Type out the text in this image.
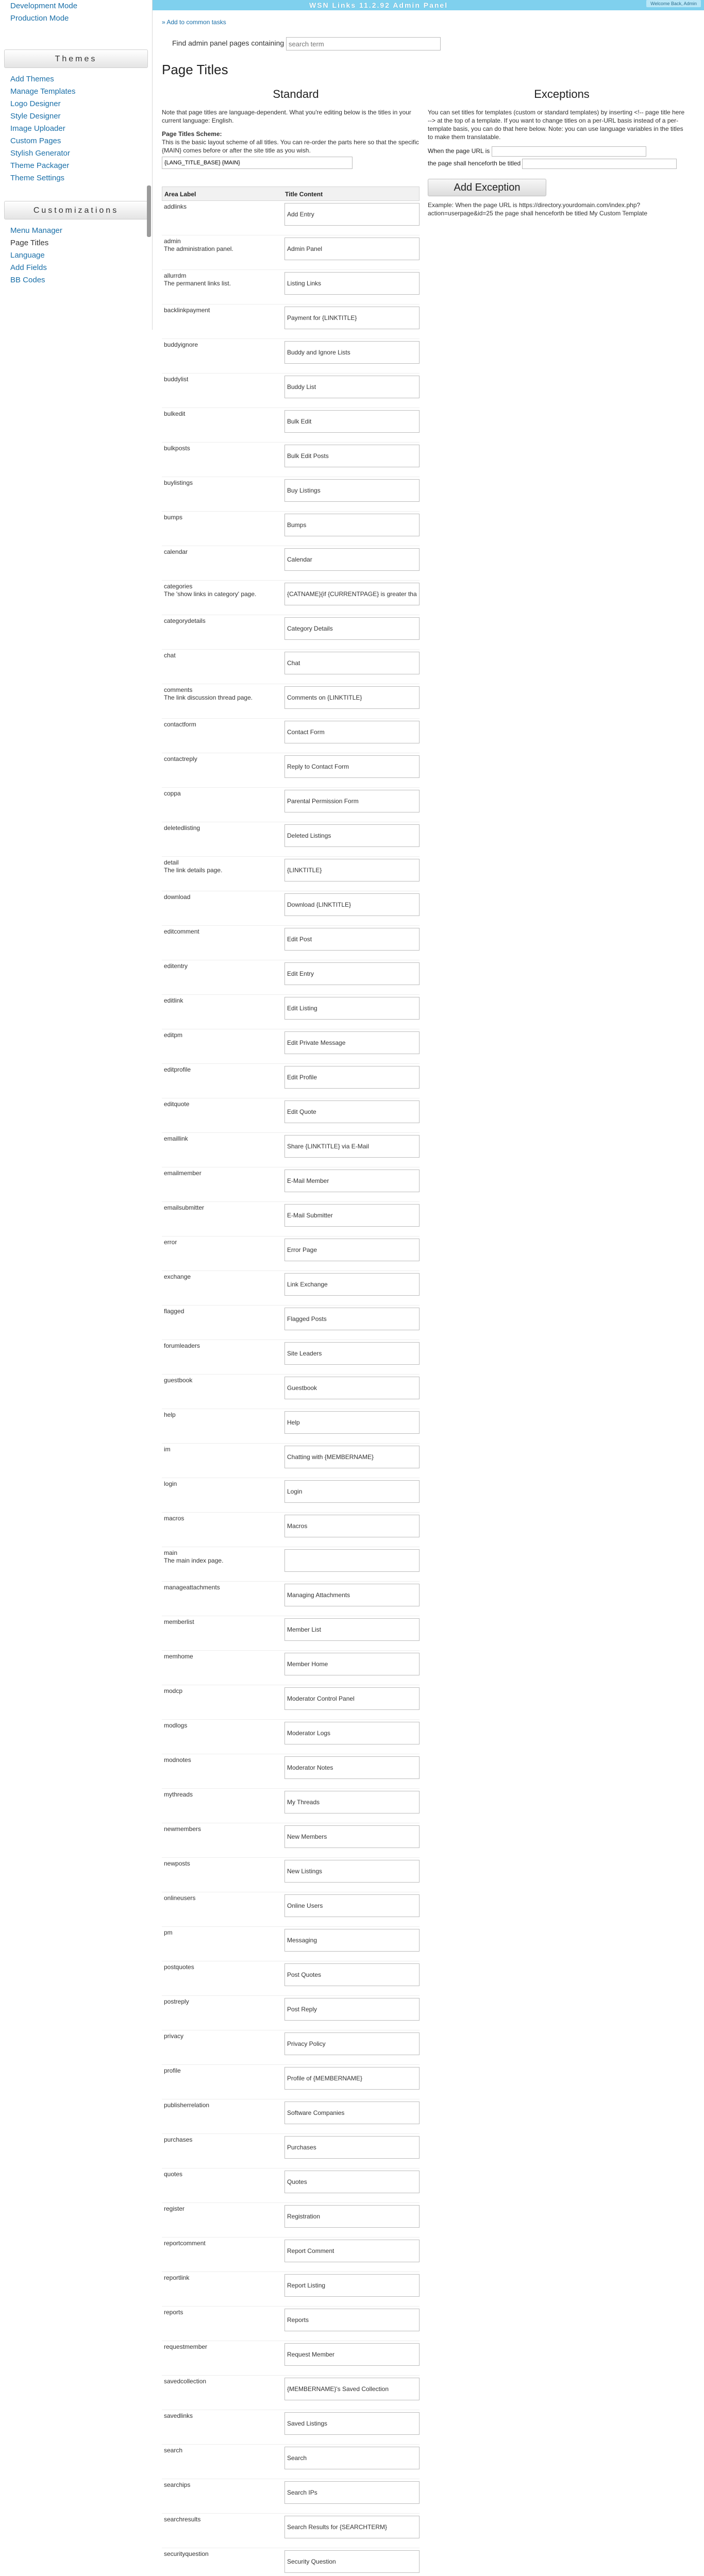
WSN Links 11.2.92 Admin Panel	Welcome Back, Admin
Development Mode
Production Mode
Themes
Add Themes
Manage Templates
Logo Designer
Style Designer
Image Uploader
Custom Pages
Stylish Generator
Theme Packager
Theme Settings
Customizations
Menu Manager
Page Titles
Language
Add Fields
BB Codes
» Add to common tasks
Find admin panel pages containing search term
Page Titles
Standard
Note that page titles are language-dependent. What you're editing below is the titles in your current language: English.
Page Titles Scheme:
This is the basic layout scheme of all titles. You can re-order the parts here so that the specific {MAIN} comes before or after the site title as you wish.
{LANG_TITLE_BASE} {MAIN}
Exceptions
You can set titles for templates (custom or standard templates) by inserting <!-- page title here --> at the top of a template. If you want to change titles on a per-URL basis instead of a per-template basis, you can do that here below. Note: you can use language variables in the titles to make them translatable.
When the page URL is
the page shall henceforth be titled
Add Exception
Example: When the page URL is https://directory.yourdomain.com/index.php?action=userpage&id=25 the page shall henceforth be titled My Custom Template
Area Label	Title Content
addlinks
Add Entry
admin
The administration panel.
Admin Panel
allurrdm
The permanent links list.
Listing Links
backlinkpayment
Payment for {LINKTITLE}
buddyignore
Buddy and Ignore Lists
buddylist
Buddy List
bulkedit
Bulk Edit
bulkposts
Bulk Edit Posts
buylistings
Buy Listings
bumps
Bumps
calendar
Calendar
categories
The 'show links in category' page.
{CATNAME}{if {CURRENTPAGE} is greater than 1} page
categorydetails
Category Details
chat
Chat
comments
The link discussion thread page.
Comments on {LINKTITLE}
contactform
Contact Form
contactreply
Reply to Contact Form
coppa
Parental Permission Form
deletedlisting
Deleted Listings
detail
The link details page.
{LINKTITLE}
download
Download {LINKTITLE}
editcomment
Edit Post
editentry
Edit Entry
editlink
Edit Listing
editpm
Edit Private Message
editprofile
Edit Profile
editquote
Edit Quote
emaillink
Share {LINKTITLE} via E-Mail
emailmember
E-Mail Member
emailsubmitter
E-Mail Submitter
error
Error Page
exchange
Link Exchange
flagged
Flagged Posts
forumleaders
Site Leaders
guestbook
Guestbook
help
Help
im
Chatting with {MEMBERNAME}
login
Login
macros
Macros
main
The main index page.
manageattachments
Managing Attachments
memberlist
Member List
memhome
Member Home
modcp
Moderator Control Panel
modlogs
Moderator Logs
modnotes
Moderator Notes
mythreads
My Threads
newmembers
New Members
newposts
New Listings
onlineusers
Online Users
pm
Messaging
postquotes
Post Quotes
postreply
Post Reply
privacy
Privacy Policy
profile
Profile of {MEMBERNAME}
publisherrelation
Software Companies
purchases
Purchases
quotes
Quotes
register
Registration
reportcomment
Report Comment
reportlink
Report Listing
reports
Reports
requestmember
Request Member
savedcollection
{MEMBERNAME}'s Saved Collection
savedlinks
Saved Listings
search
Search
searchips
Search IPs
searchresults
Search Results for {SEARCHTERM}
securityquestion
Security Question
